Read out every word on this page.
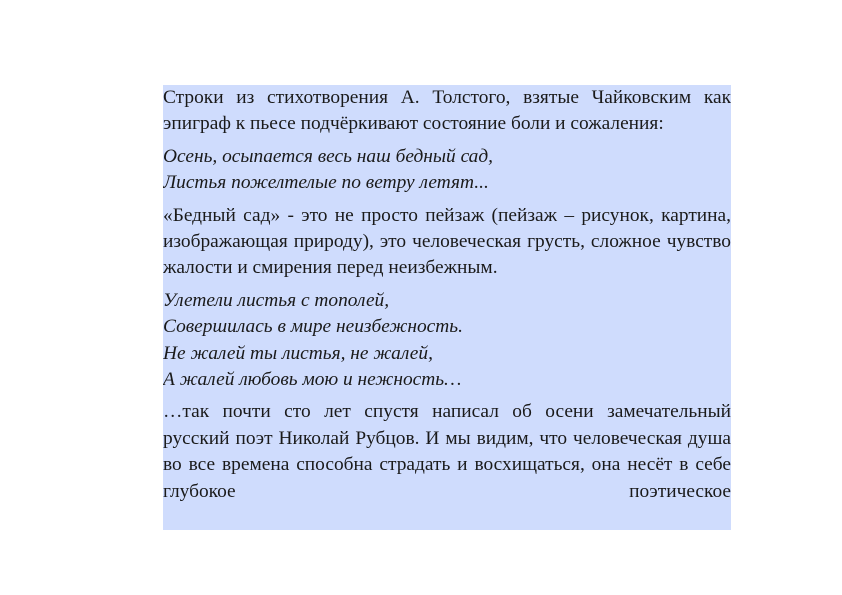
Строки из стихотворения А. Толстого, взятые Чайковским как эпиграф к пьесе подчёркивают состояние боли и сожаления:

Осень, осыпается весь наш бедный сад,
Листья пожелтелые по ветру летят...

«Бедный сад» - это не просто пейзаж (пейзаж – рисунок, картина, изображающая природу), это человеческая грусть, сложное чувство жалости и смирения перед неизбежным.

Улетели листья с тополей,
Совершилась в мире неизбежность.
Не жалей ты листья, не жалей,
А жалей любовь мою и нежность…

…так почти сто лет спустя написал об осени замечательный русский поэт Николай Рубцов. И мы видим, что человеческая душа во все времена способна страдать и восхищаться, она несёт в себе глубокое поэтическое
